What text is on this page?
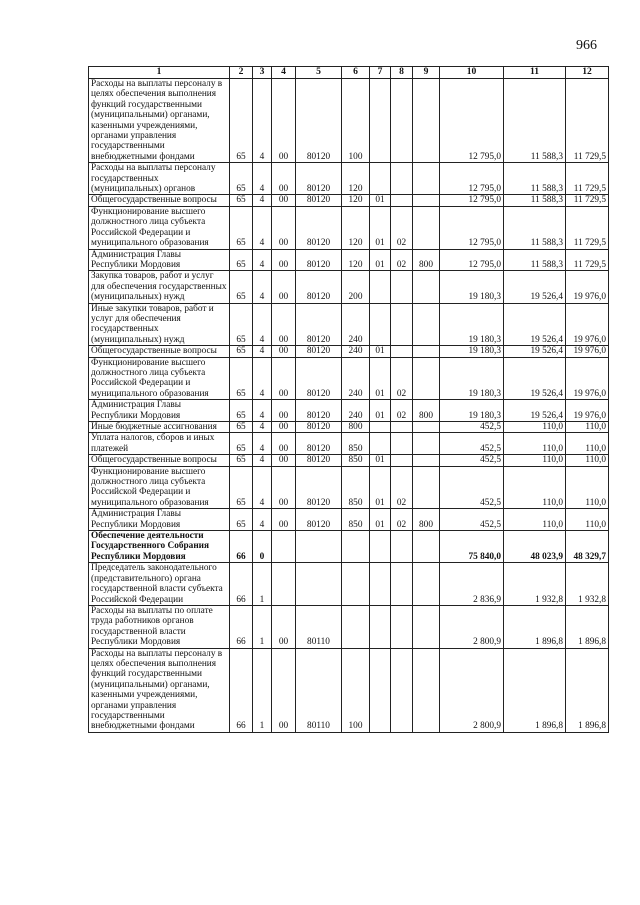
966
1	2	3	4	5	6	7	8	9	10	11	12
Расходы на выплаты персоналу в целях обеспечения выполнения функций государственными (муниципальными) органами, казенными учреждениями, органами управления государственными внебюджетными фондами	65	4	00	80120	100				12 795,0	11 588,3	11 729,5
Расходы на выплаты персоналу государственных (муниципальных) органов	65	4	00	80120	120				12 795,0	11 588,3	11 729,5
Общегосударственные вопросы	65	4	00	80120	120	01			12 795,0	11 588,3	11 729,5
Функционирование высшего должностного лица субъекта Российской Федерации и муниципального образования	65	4	00	80120	120	01	02		12 795,0	11 588,3	11 729,5
Администрация Главы Республики Мордовия	65	4	00	80120	120	01	02	800	12 795,0	11 588,3	11 729,5
Закупка товаров, работ и услуг для обеспечения государственных (муниципальных) нужд	65	4	00	80120	200				19 180,3	19 526,4	19 976,0
Иные закупки товаров, работ и услуг для обеспечения государственных (муниципальных) нужд	65	4	00	80120	240				19 180,3	19 526,4	19 976,0
Общегосударственные вопросы	65	4	00	80120	240	01			19 180,3	19 526,4	19 976,0
Функционирование высшего должностного лица субъекта Российской Федерации и муниципального образования	65	4	00	80120	240	01	02		19 180,3	19 526,4	19 976,0
Администрация Главы Республики Мордовия	65	4	00	80120	240	01	02	800	19 180,3	19 526,4	19 976,0
Иные бюджетные ассигнования	65	4	00	80120	800				452,5	110,0	110,0
Уплата налогов, сборов и иных платежей	65	4	00	80120	850				452,5	110,0	110,0
Общегосударственные вопросы	65	4	00	80120	850	01			452,5	110,0	110,0
Функционирование высшего должностного лица субъекта Российской Федерации и муниципального образования	65	4	00	80120	850	01	02		452,5	110,0	110,0
Администрация Главы Республики Мордовия	65	4	00	80120	850	01	02	800	452,5	110,0	110,0
Обеспечение деятельности Государственного Собрания Республики Мордовия	66	0							75 840,0	48 023,9	48 329,7
Председатель законодательного (представительного) органа государственной власти субъекта Российской Федерации	66	1							2 836,9	1 932,8	1 932,8
Расходы на выплаты по оплате труда работников органов государственной власти Республики Мордовия	66	1	00	80110					2 800,9	1 896,8	1 896,8
Расходы на выплаты персоналу в целях обеспечения выполнения функций государственными (муниципальными) органами, казенными учреждениями, органами управления государственными внебюджетными фондами	66	1	00	80110	100				2 800,9	1 896,8	1 896,8
